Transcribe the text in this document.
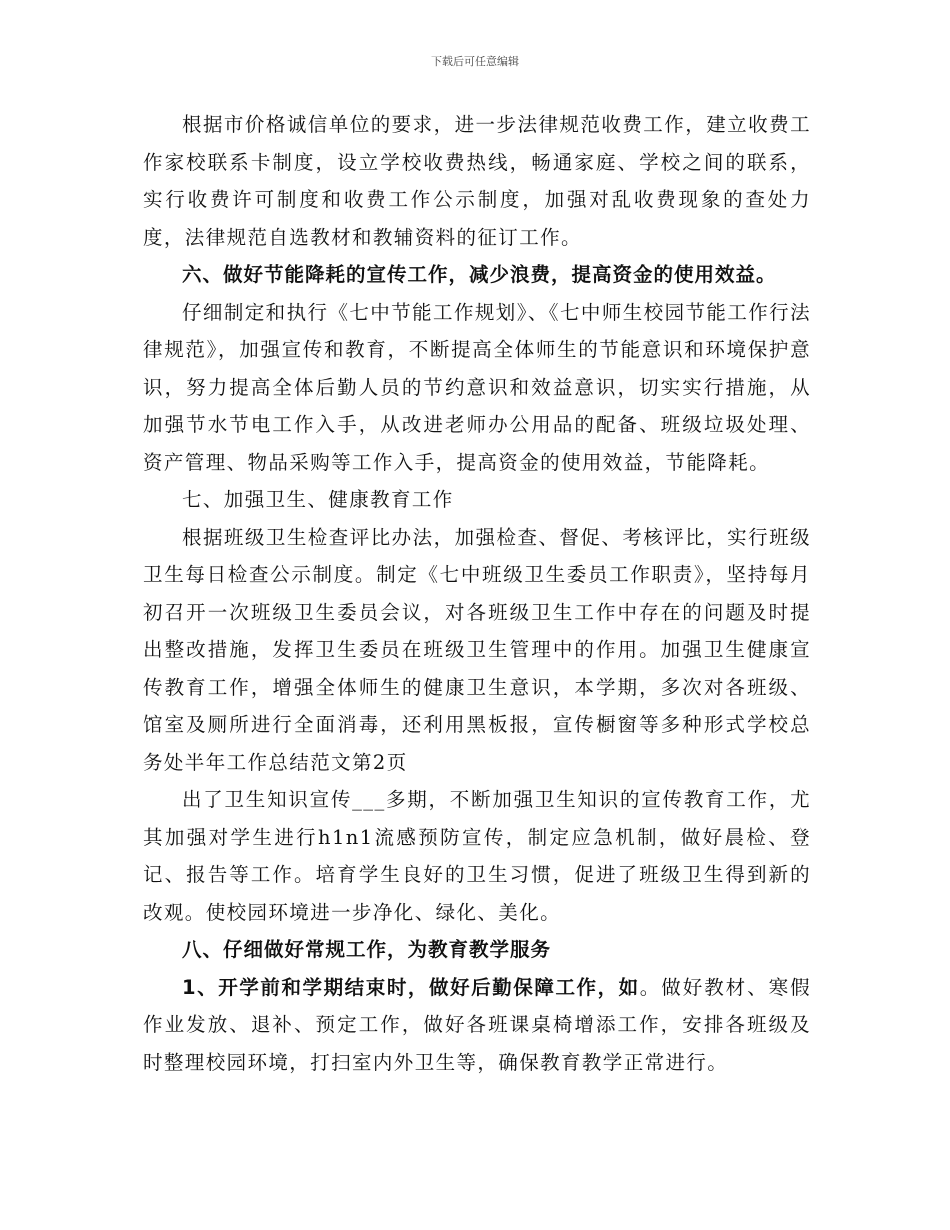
下载后可任意编辑

根据市价格诚信单位的要求，进一步法律规范收费工作，建立收费工作家校联系卡制度，设立学校收费热线，畅通家庭、学校之间的联系，实行收费许可制度和收费工作公示制度，加强对乱收费现象的查处力度，法律规范自选教材和教辅资料的征订工作。

六、做好节能降耗的宣传工作，减少浪费，提高资金的使用效益。

仔细制定和执行《七中节能工作规划》、《七中师生校园节能工作行法律规范》，加强宣传和教育，不断提高全体师生的节能意识和环境保护意识，努力提高全体后勤人员的节约意识和效益意识，切实实行措施，从加强节水节电工作入手，从改进老师办公用品的配备、班级垃圾处理、资产管理、物品采购等工作入手，提高资金的使用效益，节能降耗。

七、加强卫生、健康教育工作

根据班级卫生检查评比办法，加强检查、督促、考核评比，实行班级卫生每日检查公示制度。制定《七中班级卫生委员工作职责》，坚持每月初召开一次班级卫生委员会议，对各班级卫生工作中存在的问题及时提出整改措施，发挥卫生委员在班级卫生管理中的作用。加强卫生健康宣传教育工作，增强全体师生的健康卫生意识，本学期，多次对各班级、馆室及厕所进行全面消毒，还利用黑板报，宣传橱窗等多种形式学校总务处半年工作总结范文第2页

出了卫生知识宣传___多期，不断加强卫生知识的宣传教育工作，尤其加强对学生进行h1n1流感预防宣传，制定应急机制，做好晨检、登记、报告等工作。培育学生良好的卫生习惯，促进了班级卫生得到新的改观。使校园环境进一步净化、绿化、美化。

八、仔细做好常规工作，为教育教学服务

1、开学前和学期结束时，做好后勤保障工作，如。做好教材、寒假作业发放、退补、预定工作，做好各班课桌椅增添工作，安排各班级及时整理校园环境，打扫室内外卫生等，确保教育教学正常进行。
